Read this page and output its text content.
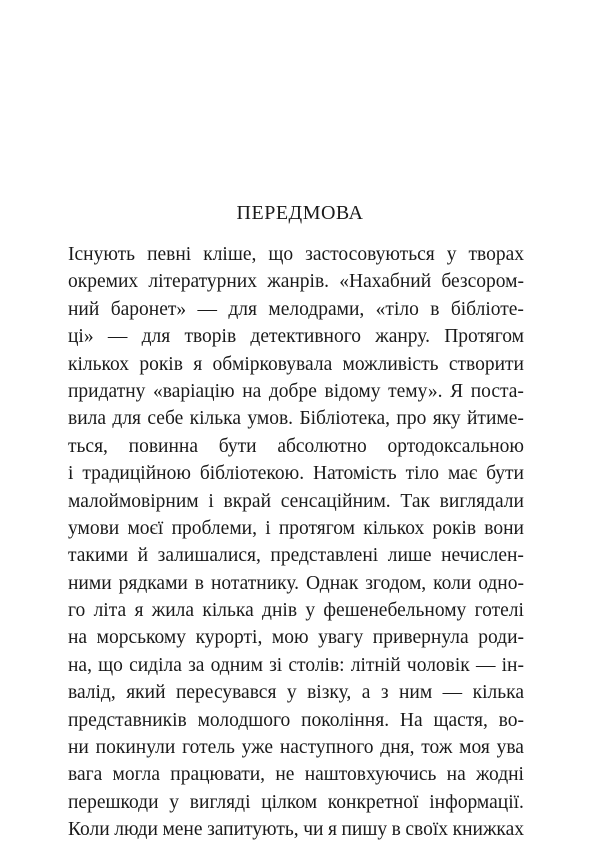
ПЕРЕДМОВА
Існують певні кліше, що застосовуються у творах
окремих літературних жанрів. «Нахабний безсором-
ний баронет» — для мелодрами, «тіло в бібліоте-
ці» — для творів детективного жанру. Протягом
кількох років я обмірковувала можливість створити
придатну «варіацію на добре відому тему». Я поста-
вила для себе кілька умов. Бібліотека, про яку йтиме-
ться, повинна бути абсолютно ортодоксальною
і традиційною бібліотекою. Натомість тіло має бути
малоймовірним і вкрай сенсаційним. Так виглядали
умови моєї проблеми, і протягом кількох років вони
такими й залишалися, представлені лише нечислен-
ними рядками в нотатнику. Однак згодом, коли одно-
го літа я жила кілька днів у фешенебельному готелі
на морському курорті, мою увагу привернула роди-
на, що сиділа за одним зі столів: літній чоловік — ін-
валід, який пересувався у візку, а з ним — кілька
представників молодшого покоління. На щастя, во-
ни покинули готель уже наступного дня, тож моя ува
вага могла працювати, не наштовхуючись на жодні
перешкоди у вигляді цілком конкретної інформації.
Коли люди мене запитують, чи я пишу в своїх книжках
